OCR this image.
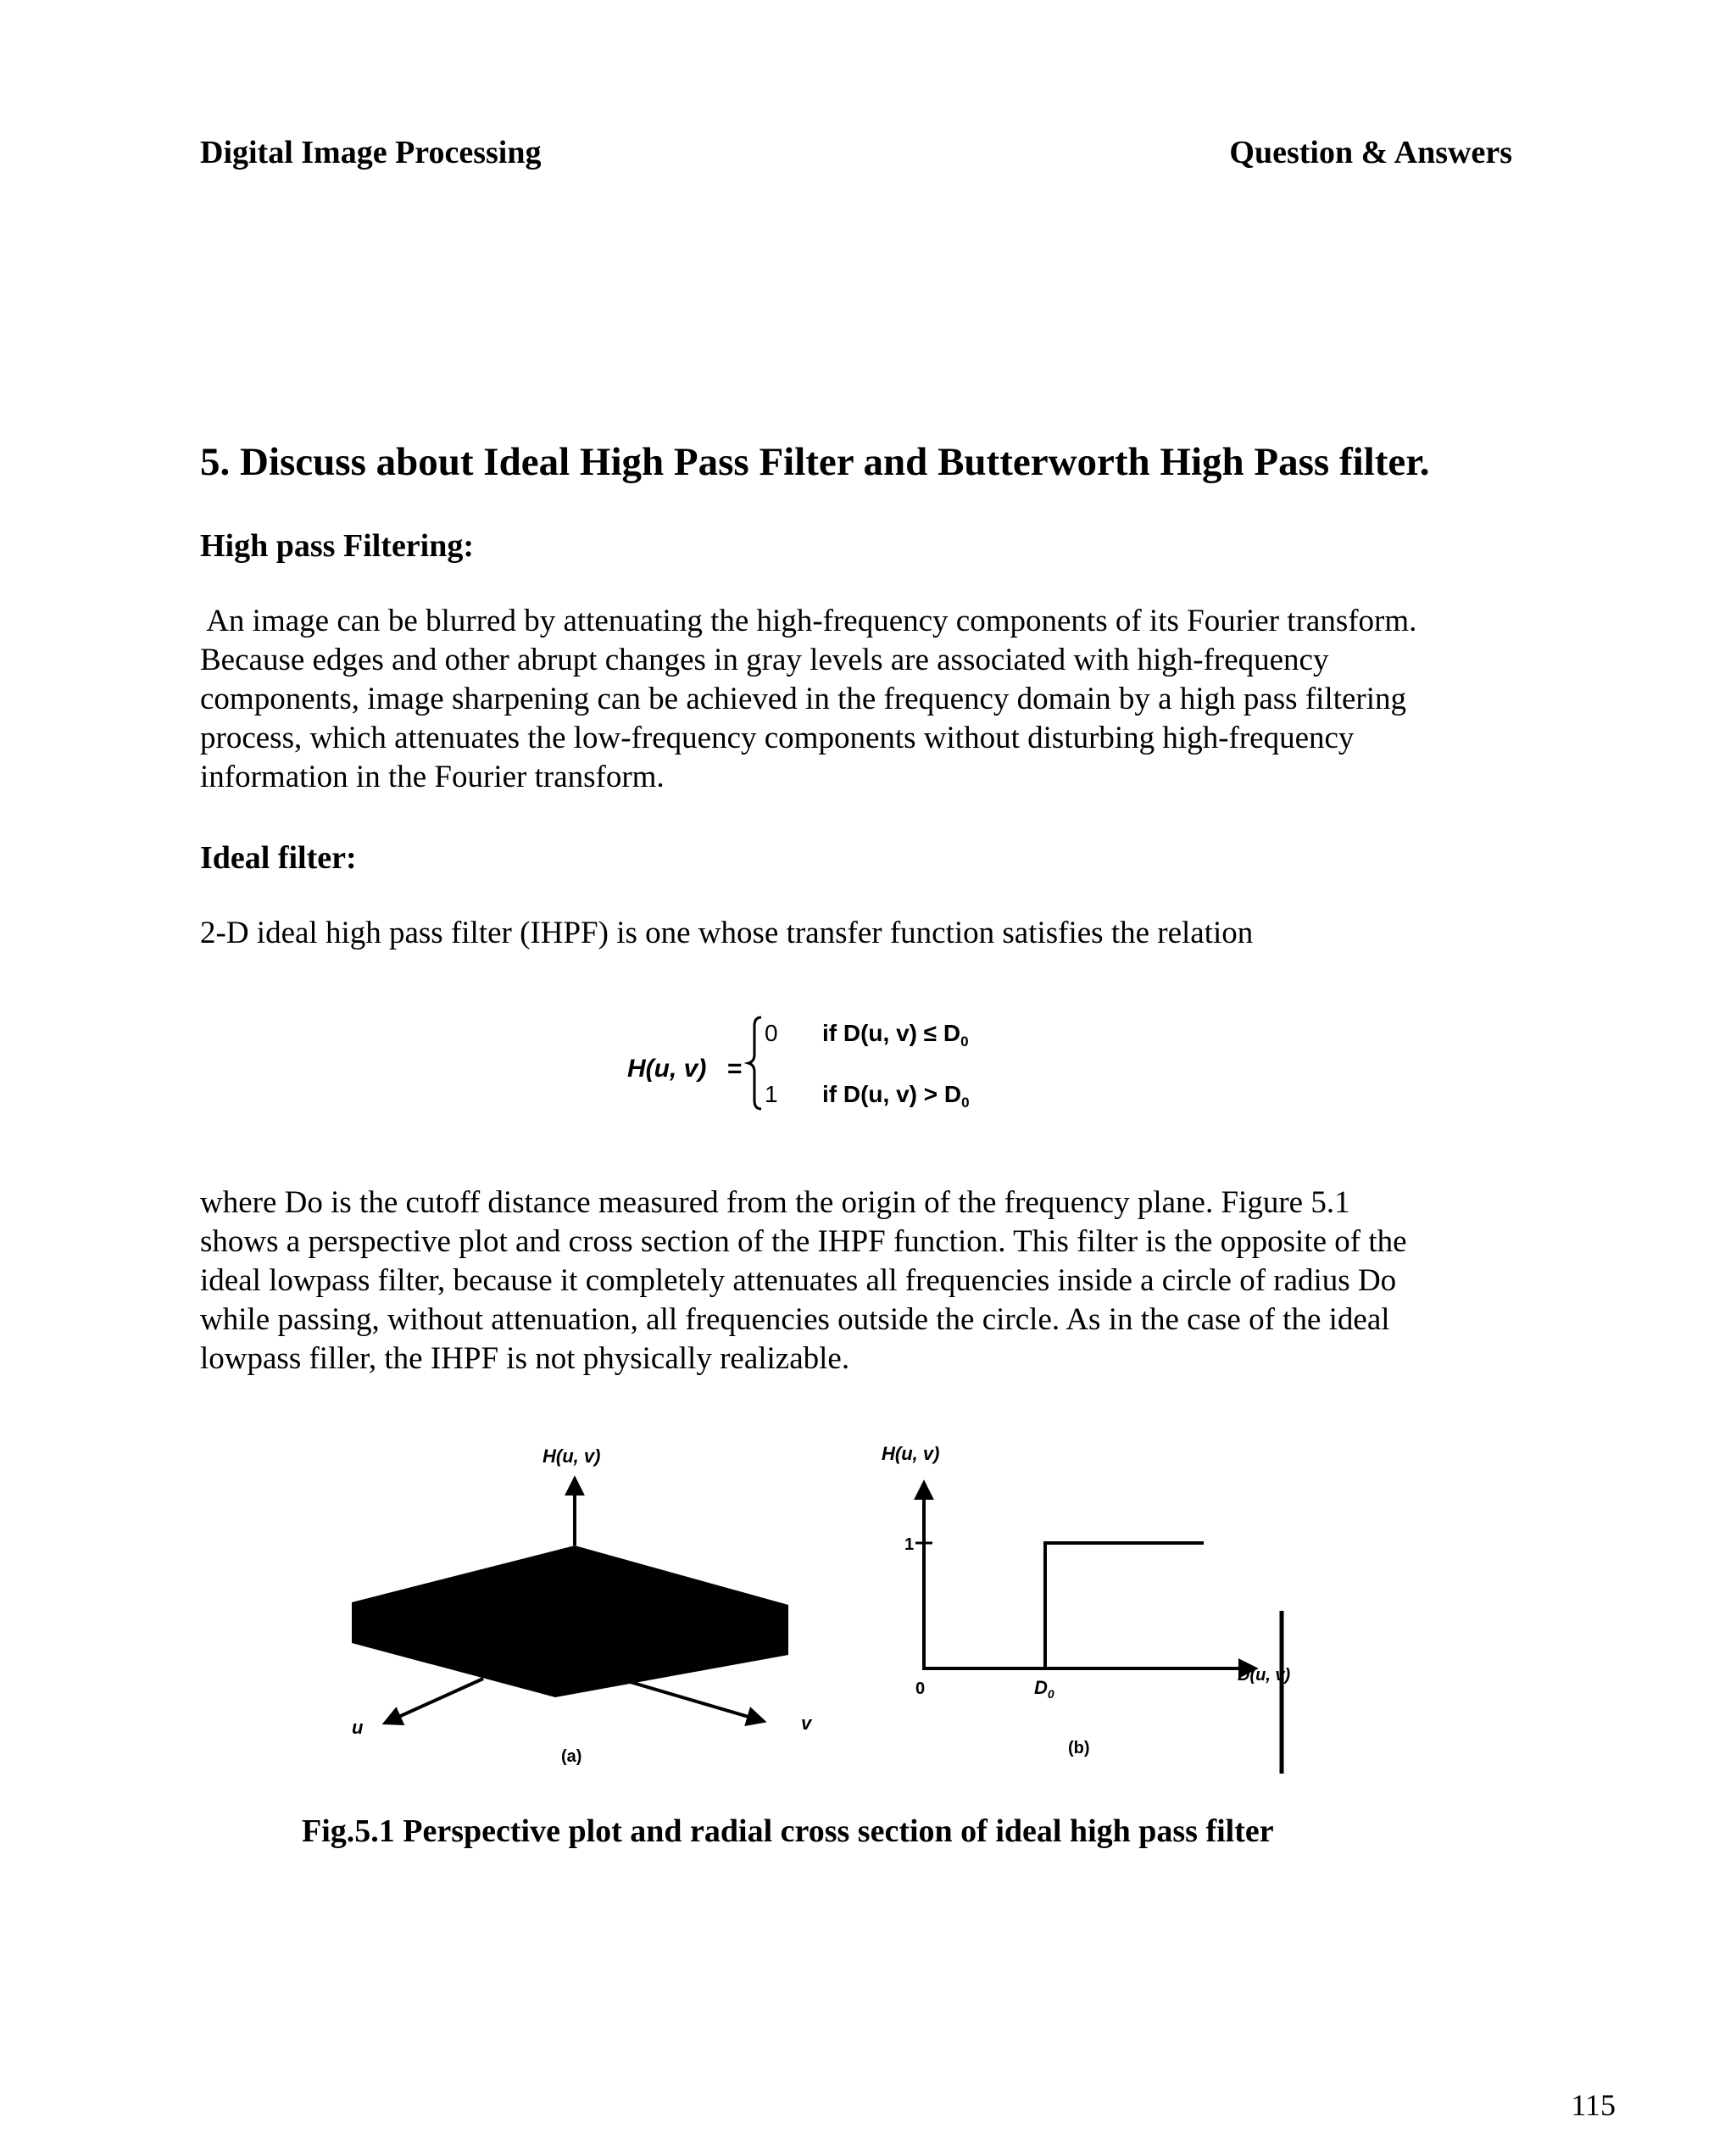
Digital Image Processing	Question & Answers
5. Discuss about Ideal High Pass Filter and Butterworth High Pass filter.
High pass Filtering:
An image can be blurred by attenuating the high-frequency components of its Fourier transform.
Because edges and other abrupt changes in gray levels are associated with high-frequency
components, image sharpening can be achieved in the frequency domain by a high pass filtering
process, which attenuates the low-frequency components without disturbing high-frequency
information in the Fourier transform.
Ideal filter:
2-D ideal high pass filter (IHPF) is one whose transfer function satisfies the relation
H(u, v) =
0 if D(u, $v) \le D_0$
1 if D(u, $v) > D_0$
where Do is the cutoff distance measured from the origin of the frequency plane. Figure 5.1
shows a perspective plot and cross section of the IHPF function. This filter is the opposite of the
ideal lowpass filter, because it completely attenuates all frequencies inside a circle of radius Do
while passing, without attenuation, all frequencies outside the circle. As in the case of the ideal
lowpass filler, the IHPF is not physically realizable.
H(u, v)
u	v
(a)
H(u, v)
1
0	$D_0$
D(u, v)
(b)
Fig.5.1 Perspective plot and radial cross section of ideal high pass filter
115
